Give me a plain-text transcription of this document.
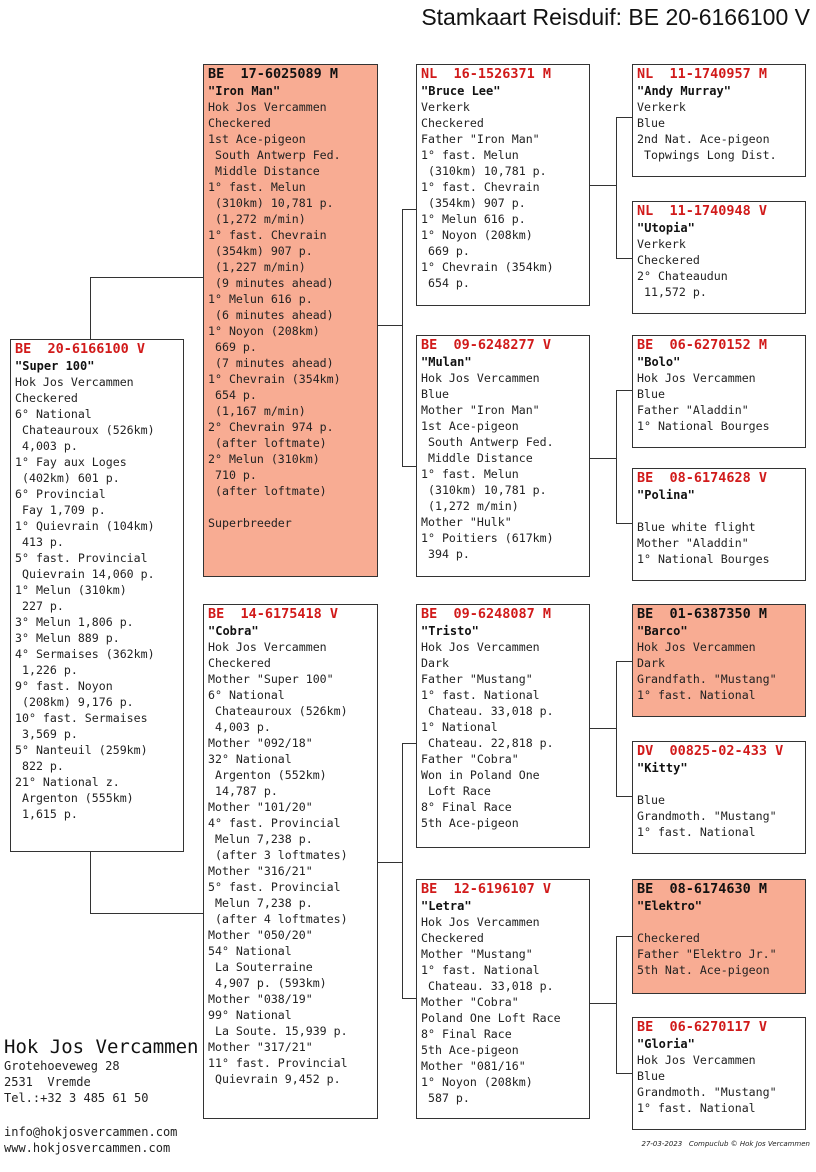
Stamkaart Reisduif: BE 20-6166100 V
BE  20-6166100 V
"Super 100"
Hok Jos Vercammen
Checkered
6° National
Chateauroux (526km)
4,003 p.
1° Fay aux Loges
(402km) 601 p.
6° Provincial
Fay 1,709 p.
1° Quievrain (104km)
413 p.
5° fast. Provincial
Quievrain 14,060 p.
1° Melun (310km)
227 p.
3° Melun 1,806 p.
3° Melun 889 p.
4° Sermaises (362km)
1,226 p.
9° fast. Noyon
(208km) 9,176 p.
10° fast. Sermaises
3,569 p.
5° Nanteuil (259km)
822 p.
21° National z.
Argenton (555km)
1,615 p.
BE  17-6025089 M
"Iron Man"
Hok Jos Vercammen
Checkered
1st Ace-pigeon
South Antwerp Fed.
Middle Distance
1° fast. Melun
(310km) 10,781 p.
(1,272 m/min)
1° fast. Chevrain
(354km) 907 p.
(1,227 m/min)
(9 minutes ahead)
1° Melun 616 p.
(6 minutes ahead)
1° Noyon (208km)
669 p.
(7 minutes ahead)
1° Chevrain (354km)
654 p.
(1,167 m/min)
2° Chevrain 974 p.
(after loftmate)
2° Melun (310km)
710 p.
(after loftmate)
Superbreeder
BE  14-6175418 V
"Cobra"
Hok Jos Vercammen
Checkered
Mother "Super 100"
6° National
Chateauroux (526km)
4,003 p.
Mother "092/18"
32° National
Argenton (552km)
14,787 p.
Mother "101/20"
4° fast. Provincial
Melun 7,238 p.
(after 3 loftmates)
Mother "316/21"
5° fast. Provincial
Melun 7,238 p.
(after 4 loftmates)
Mother "050/20"
54° National
La Souterraine
4,907 p. (593km)
Mother "038/19"
99° National
La Soute. 15,939 p.
Mother "317/21"
11° fast. Provincial
Quievrain 9,452 p.
NL  16-1526371 M
"Bruce Lee"
Verkerk
Checkered
Father "Iron Man"
1° fast. Melun
(310km) 10,781 p.
1° fast. Chevrain
(354km) 907 p.
1° Melun 616 p.
1° Noyon (208km)
669 p.
1° Chevrain (354km)
654 p.
BE  09-6248277 V
"Mulan"
Hok Jos Vercammen
Blue
Mother "Iron Man"
1st Ace-pigeon
South Antwerp Fed.
Middle Distance
1° fast. Melun
(310km) 10,781 p.
(1,272 m/min)
Mother "Hulk"
1° Poitiers (617km)
394 p.
BE  09-6248087 M
"Tristo"
Hok Jos Vercammen
Dark
Father "Mustang"
1° fast. National
Chateau. 33,018 p.
1° National
Chateau. 22,818 p.
Father "Cobra"
Won in Poland One
Loft Race
8° Final Race
5th Ace-pigeon
BE  12-6196107 V
"Letra"
Hok Jos Vercammen
Checkered
Mother "Mustang"
1° fast. National
Chateau. 33,018 p.
Mother "Cobra"
Poland One Loft Race
8° Final Race
5th Ace-pigeon
Mother "081/16"
1° Noyon (208km)
587 p.
NL  11-1740957 M
"Andy Murray"
Verkerk
Blue
2nd Nat. Ace-pigeon
Topwings Long Dist.
NL  11-1740948 V
"Utopia"
Verkerk
Checkered
2° Chateaudun
11,572 p.
BE  06-6270152 M
"Bolo"
Hok Jos Vercammen
Blue
Father "Aladdin"
1° National Bourges
BE  08-6174628 V
"Polina"
Blue white flight
Mother "Aladdin"
1° National Bourges
BE  01-6387350 M
"Barco"
Hok Jos Vercammen
Dark
Grandfath. "Mustang"
1° fast. National
DV  00825-02-433 V
"Kitty"
Blue
Grandmoth. "Mustang"
1° fast. National
BE  08-6174630 M
"Elektro"
Checkered
Father "Elektro Jr."
5th Nat. Ace-pigeon
BE  06-6270117 V
"Gloria"
Hok Jos Vercammen
Blue
Grandmoth. "Mustang"
1° fast. National
Hok Jos Vercammen
Grotehoeveweg 28
2531  Vremde
Tel.:+32 3 485 61 50
info@hokjosvercammen.com
www.hokjosvercammen.com	27-03-2023 Compuclub © Hok Jos Vercammen
